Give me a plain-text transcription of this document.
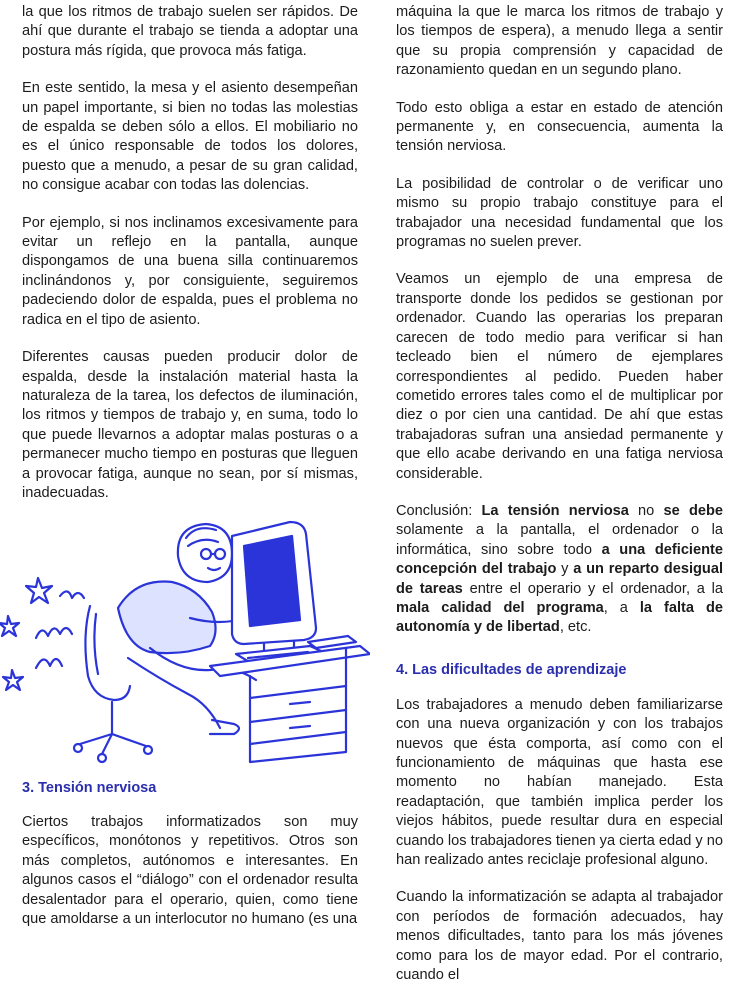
la que los ritmos de trabajo suelen ser rápidos. De ahí que durante el trabajo se tienda a adoptar una postura más rígida, que provoca más fatiga.

En este sentido, la mesa y el asiento desempeñan un papel importante, si bien no todas las molestias de espalda se deben sólo a ellos. El mobiliario no es el único responsable de todos los dolores, puesto que a menudo, a pesar de su gran calidad, no consigue acabar con todas las dolencias.

Por ejemplo, si nos inclinamos excesivamente para evitar un reflejo en la pantalla, aunque dispongamos de una buena silla continuaremos inclinándonos y, por consiguiente, seguiremos padeciendo dolor de espalda, pues el problema no radica en el tipo de asiento.

Diferentes causas pueden producir dolor de espalda, desde la instalación material hasta la naturaleza de la tarea, los defectos de iluminación, los ritmos y tiempos de trabajo y, en suma, todo lo que puede llevarnos a adoptar malas posturas o a permanecer mucho tiempo en posturas que lleguen a provocar fatiga, aunque no sean, por sí mismas, inadecuadas.

3. Tensión nerviosa

Ciertos trabajos informatizados son muy específicos, monótonos y repetitivos. Otros son más completos, autónomos e interesantes. En algunos casos el “diálogo” con el ordenador resulta desalentador para el operario, quien, como tiene que amoldarse a un interlocutor no humano (es una

máquina la que le marca los ritmos de trabajo y los tiempos de espera), a menudo llega a sentir que su propia comprensión y capacidad de razonamiento quedan en un segundo plano.

Todo esto obliga a estar en estado de atención permanente y, en consecuencia, aumenta la tensión nerviosa.

La posibilidad de controlar o de verificar uno mismo su propio trabajo constituye para el trabajador una necesidad fundamental que los programas no suelen prever.

Veamos un ejemplo de una empresa de transporte donde los pedidos se gestionan por ordenador. Cuando las operarias los preparan carecen de todo medio para verificar si han tecleado bien el número de ejemplares correspondientes al pedido. Pueden haber cometido errores tales como el de multiplicar por diez o por cien una cantidad. De ahí que estas trabajadoras sufran una ansiedad permanente y que ello acabe derivando en una fatiga nerviosa considerable.

Conclusión: La tensión nerviosa no se debe solamente a la pantalla, el ordenador o la informática, sino sobre todo a una deficiente concepción del trabajo y a un reparto desigual de tareas entre el operario y el ordenador, a la mala calidad del programa, a la falta de autonomía y de libertad, etc.

4. Las dificultades de aprendizaje

Los trabajadores a menudo deben familiarizarse con una nueva organización y con los trabajos nuevos que ésta comporta, así como con el funcionamiento de máquinas que hasta ese momento no habían manejado. Esta readaptación, que también implica perder los viejos hábitos, puede resultar dura en especial cuando los trabajadores tienen ya cierta edad y no han realizado antes reciclaje profesional alguno.

Cuando la informatización se adapta al trabajador con períodos de formación adecuados, hay menos dificultades, tanto para los más jóvenes como para los de mayor edad. Por el contrario, cuando el
